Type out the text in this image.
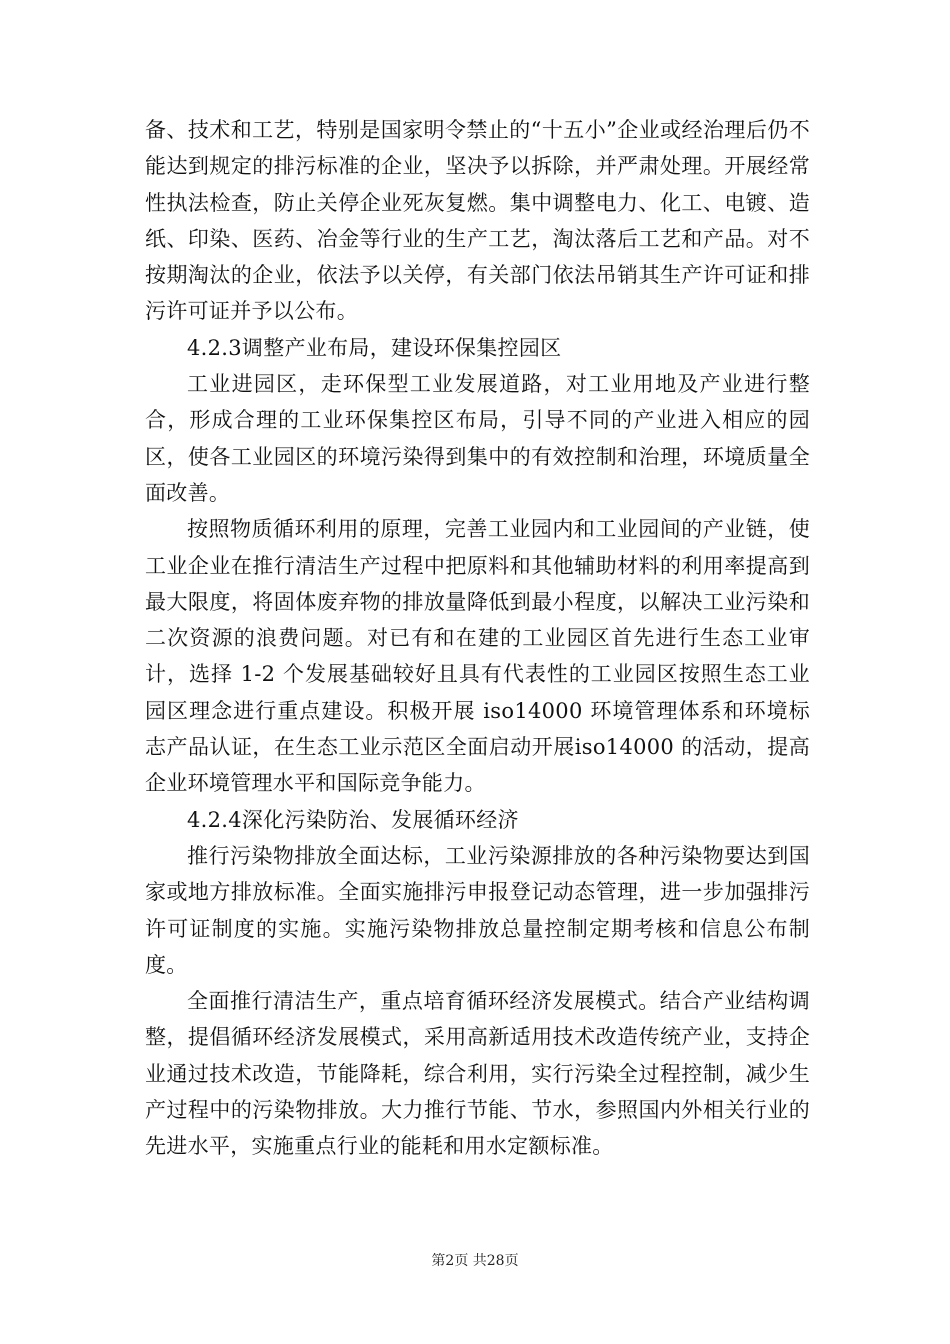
备、技术和工艺，特别是国家明令禁止的“十五小”企业或经治理后仍不能达到规定的排污标准的企业，坚决予以拆除，并严肃处理。开展经常性执法检查，防止关停企业死灰复燃。集中调整电力、化工、电镀、造纸、印染、医药、冶金等行业的生产工艺，淘汰落后工艺和产品。对不按期淘汰的企业，依法予以关停，有关部门依法吊销其生产许可证和排污许可证并予以公布。

4.2.3调整产业布局，建设环保集控园区

工业进园区，走环保型工业发展道路，对工业用地及产业进行整合，形成合理的工业环保集控区布局，引导不同的产业进入相应的园区，使各工业园区的环境污染得到集中的有效控制和治理，环境质量全面改善。

按照物质循环利用的原理，完善工业园内和工业园间的产业链，使工业企业在推行清洁生产过程中把原料和其他辅助材料的利用率提高到最大限度，将固体废弃物的排放量降低到最小程度，以解决工业污染和二次资源的浪费问题。对已有和在建的工业园区首先进行生态工业审计，选择 1-2 个发展基础较好且具有代表性的工业园区按照生态工业园区理念进行重点建设。积极开展 iso14000 环境管理体系和环境标志产品认证，在生态工业示范区全面启动开展iso14000 的活动，提高企业环境管理水平和国际竞争能力。

4.2.4深化污染防治、发展循环经济

推行污染物排放全面达标，工业污染源排放的各种污染物要达到国家或地方排放标准。全面实施排污申报登记动态管理，进一步加强排污许可证制度的实施。实施污染物排放总量控制定期考核和信息公布制度。

全面推行清洁生产，重点培育循环经济发展模式。结合产业结构调整，提倡循环经济发展模式，采用高新适用技术改造传统产业，支持企业通过技术改造，节能降耗，综合利用，实行污染全过程控制，减少生产过程中的污染物排放。大力推行节能、节水，参照国内外相关行业的先进水平，实施重点行业的能耗和用水定额标准。

第2页 共28页
